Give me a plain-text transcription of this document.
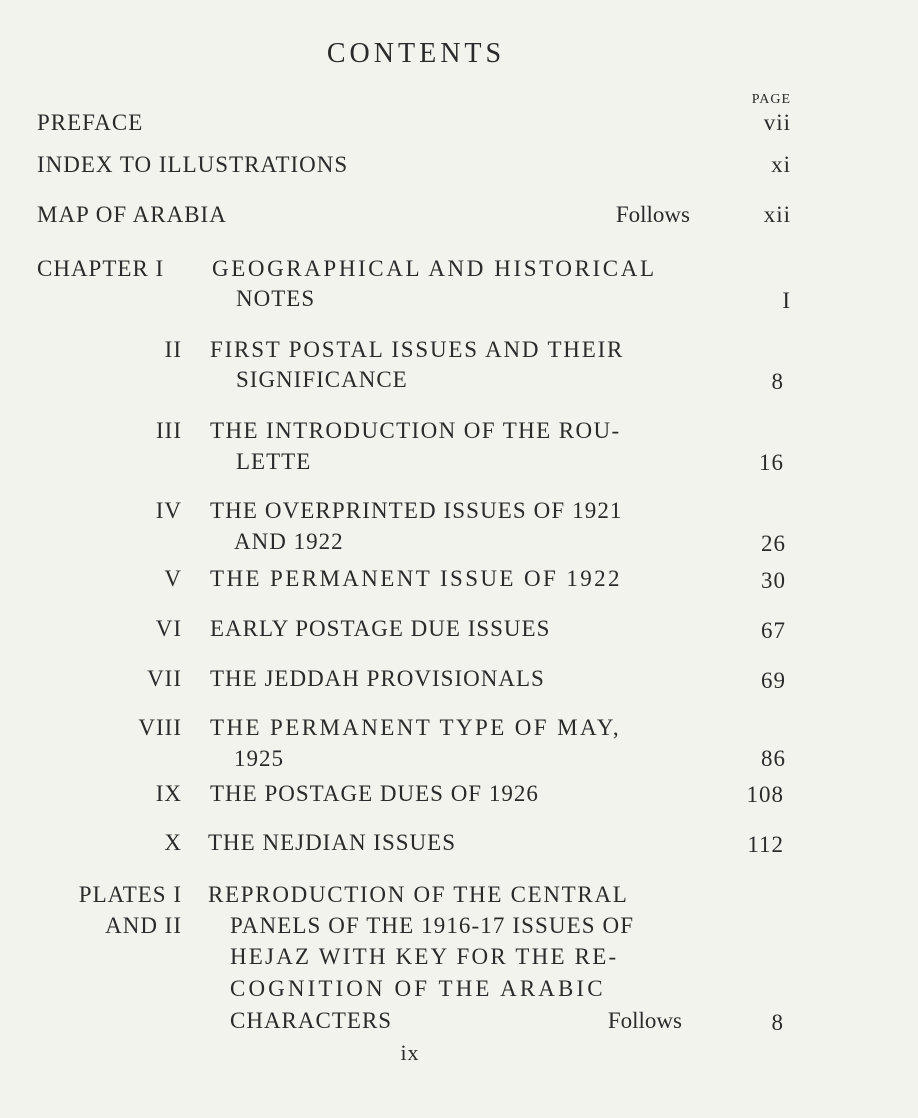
CONTENTS
PAGE
PREFACE	vii
INDEX TO ILLUSTRATIONS	xi
MAP OF ARABIA	Follows	xii
CHAPTER I GEOGRAPHICAL AND HISTORICAL
NOTES	I
II FIRST POSTAL ISSUES AND THEIR
SIGNIFICANCE	8
III THE INTRODUCTION OF THE ROU-
LETTE	16
IV THE OVERPRINTED ISSUES OF 1921
AND 1922	26
V THE PERMANENT ISSUE OF 1922	30
VI EARLY POSTAGE DUE ISSUES	67
VII THE JEDDAH PROVISIONALS	69
VIII THE PERMANENT TYPE OF MAY,
1925	86
IX THE POSTAGE DUES OF 1926	108
X THE NEJDIAN ISSUES	112
PLATES I
AND II
REPRODUCTION OF THE CENTRAL
PANELS OF THE 1916-17 ISSUES OF
HEJAZ WITH KEY FOR THE RE-
COGNITION OF THE ARABIC
CHARACTERS	Follows	8
ix
